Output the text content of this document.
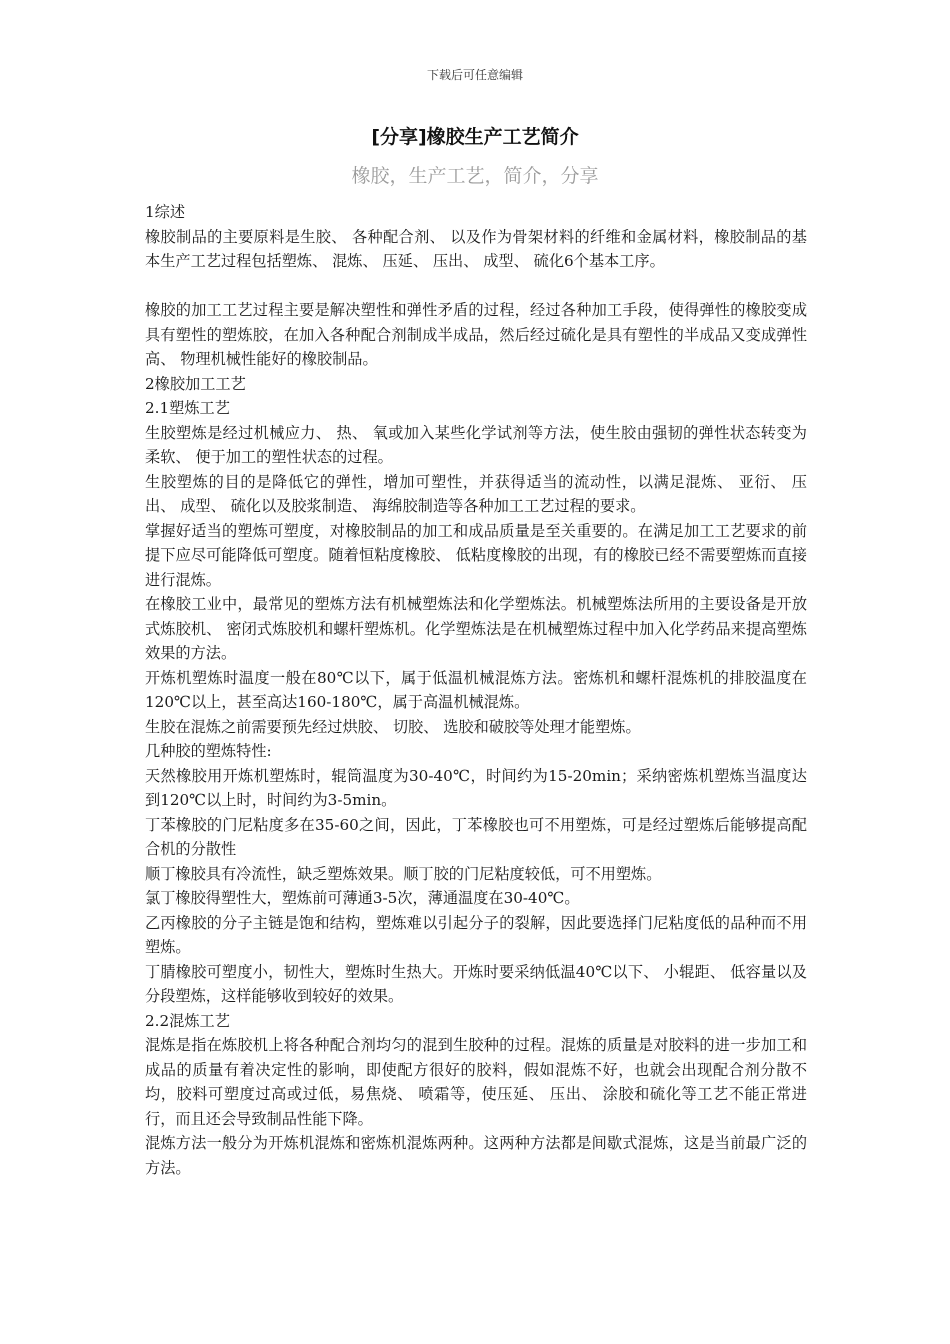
下载后可任意编辑
[分享]橡胶生产工艺简介
橡胶，生产工艺，简介，分享

1综述

橡胶制品的主要原料是生胶、 各种配合剂、 以及作为骨架材料的纤维和金属材料，橡胶制品的基本生产工艺过程包括塑炼、 混炼、 压延、 压出、 成型、 硫化6个基本工序。

橡胶的加工工艺过程主要是解决塑性和弹性矛盾的过程，经过各种加工手段，使得弹性的橡胶变成具有塑性的塑炼胶，在加入各种配合剂制成半成品，然后经过硫化是具有塑性的半成品又变成弹性高、 物理机械性能好的橡胶制品。

2橡胶加工工艺

2.1塑炼工艺

生胶塑炼是经过机械应力、 热、 氧或加入某些化学试剂等方法，使生胶由强韧的弹性状态转变为柔软、 便于加工的塑性状态的过程。

生胶塑炼的目的是降低它的弹性，增加可塑性，并获得适当的流动性，以满足混炼、 亚衍、 压出、 成型、 硫化以及胶浆制造、 海绵胶制造等各种加工工艺过程的要求。

掌握好适当的塑炼可塑度，对橡胶制品的加工和成品质量是至关重要的。在满足加工工艺要求的前提下应尽可能降低可塑度。随着恒粘度橡胶、 低粘度橡胶的出现，有的橡胶已经不需要塑炼而直接进行混炼。

在橡胶工业中，最常见的塑炼方法有机械塑炼法和化学塑炼法。机械塑炼法所用的主要设备是开放式炼胶机、 密闭式炼胶机和螺杆塑炼机。化学塑炼法是在机械塑炼过程中加入化学药品来提高塑炼效果的方法。

开炼机塑炼时温度一般在80℃以下，属于低温机械混炼方法。密炼机和螺杆混炼机的排胶温度在120℃以上，甚至高达160-180℃，属于高温机械混炼。

生胶在混炼之前需要预先经过烘胶、 切胶、 选胶和破胶等处理才能塑炼。

几种胶的塑炼特性:

天然橡胶用开炼机塑炼时，辊筒温度为30-40℃，时间约为15-20min；采纳密炼机塑炼当温度达到120℃以上时，时间约为3-5min。

丁苯橡胶的门尼粘度多在35-60之间，因此，丁苯橡胶也可不用塑炼，可是经过塑炼后能够提高配合机的分散性

顺丁橡胶具有冷流性，缺乏塑炼效果。顺丁胶的门尼粘度较低，可不用塑炼。

氯丁橡胶得塑性大，塑炼前可薄通3-5次，薄通温度在30-40℃。

乙丙橡胶的分子主链是饱和结构，塑炼难以引起分子的裂解，因此要选择门尼粘度低的品种而不用塑炼。

丁腈橡胶可塑度小，韧性大，塑炼时生热大。开炼时要采纳低温40℃以下、 小辊距、 低容量以及分段塑炼，这样能够收到较好的效果。

2.2混炼工艺

混炼是指在炼胶机上将各种配合剂均匀的混到生胶种的过程。混炼的质量是对胶料的进一步加工和成品的质量有着决定性的影响，即使配方很好的胶料，假如混炼不好，也就会出现配合剂分散不均，胶料可塑度过高或过低，易焦烧、 喷霜等，使压延、 压出、 涂胶和硫化等工艺不能正常进行，而且还会导致制品性能下降。

混炼方法一般分为开炼机混炼和密炼机混炼两种。这两种方法都是间歇式混炼，这是当前最广泛的方法。
